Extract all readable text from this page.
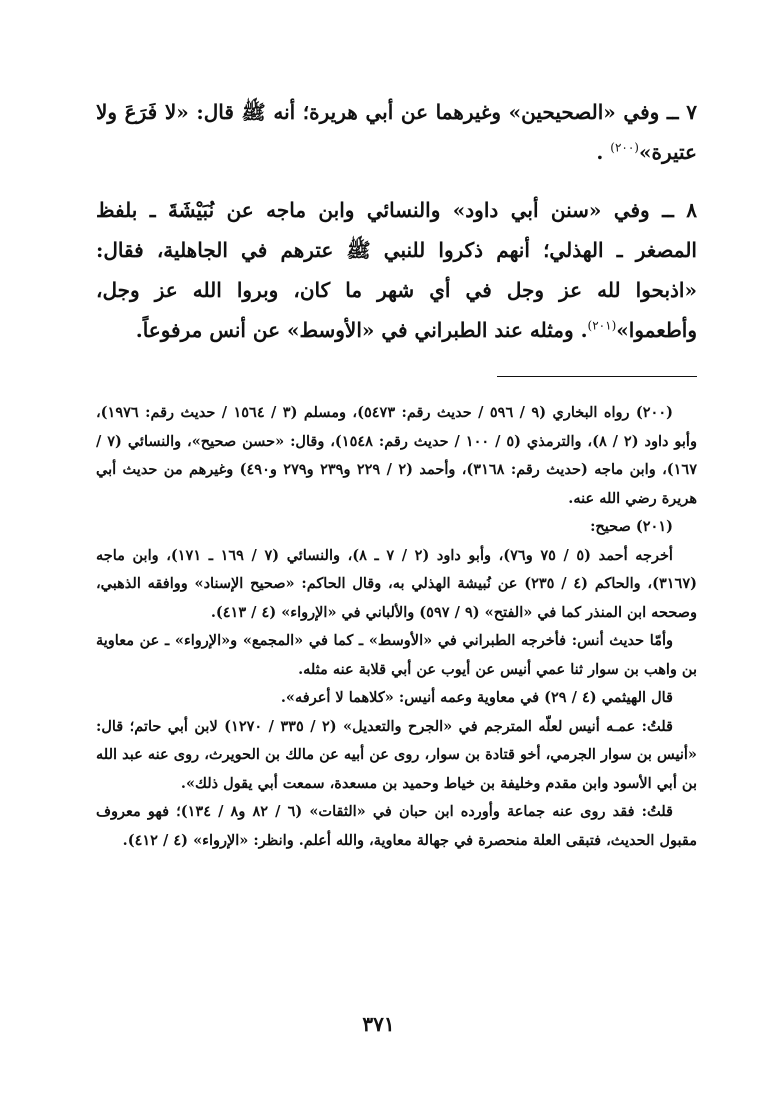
٧ ــ وفي «الصحيحين» وغيرهما عن أبي هريرة؛ أنه ﷺ قال: «لا فَرَعَ ولا عتيرة»$^{(٢٠٠)}$ .

٨ ــ وفي «سنن أبي داود» والنسائي وابن ماجه عن نُبَيْشَةَ ـ بلفظ المصغر ـ الهذلي؛ أنهم ذكروا للنبي ﷺ عترهم في الجاهلية، فقال: «اذبحوا لله عز وجل في أي شهر ما كان، وبروا الله عز وجل، وأطعموا»$^{(٢٠١)}$. ومثله عند الطبراني في «الأوسط» عن أنس مرفوعاً.

(٢٠٠) رواه البخاري (٩ / ٥٩٦ / حديث رقم: ٥٤٧٣)، ومسلم (٣ / ١٥٦٤ / حديث رقم: ١٩٧٦)، وأبو داود (٢ / ٨)، والترمذي (٥ / ١٠٠ / حديث رقم: ١٥٤٨)، وقال: «حسن صحيح»، والنسائي (٧ / ١٦٧)، وابن ماجه (حديث رقم: ٣١٦٨)، وأحمد (٢ / ٢٢٩ و٢٣٩ و٢٧٩ و٤٩٠) وغيرهم من حديث أبي هريرة رضي الله عنه.

(٢٠١) صحيح:

أخرجه أحمد (٥ / ٧٥ و٧٦)، وأبو داود (٢ / ٧ ـ ٨)، والنسائي (٧ / ١٦٩ ـ ١٧١)، وابن ماجه (٣١٦٧)، والحاكم (٤ / ٢٣٥) عن نُبيشة الهذلي به، وقال الحاكم: «صحيح الإسناد» ووافقه الذهبي، وصححه ابن المنذر كما في «الفتح» (٩ / ٥٩٧) والألباني في «الإرواء» (٤ / ٤١٣).

وأمّا حديث أنس: فأخرجه الطبراني في «الأوسط» ـ كما في «المجمع» و«الإرواء» ـ عن معاوية بن واهب بن سوار ثنا عمي أنيس عن أيوب عن أبي قلابة عنه مثله.

قال الهيثمي (٤ / ٢٩) في معاوية وعمه أنيس: «كلاهما لا أعرفه».

قلتُ: عمـه أنيس لعلّه المترجم في «الجرح والتعديل» (٢ / ٣٣٥ / ١٢٧٠) لابن أبي حاتم؛ قال: «أنيس بن سوار الجرمي، أخو قتادة بن سوار، روى عن أبيه عن مالك بن الحويرث، روى عنه عبد الله بن أبي الأسود وابن مقدم وخليفة بن خياط وحميد بن مسعدة، سمعت أبي يقول ذلك».

قلتُ: فقد روى عنه جماعة وأورده ابن حبان في «الثقات» (٦ / ٨٢ و٨ / ١٣٤)؛ فهو معروف مقبول الحديث، فتبقى العلة منحصرة في جهالة معاوية، والله أعلم. وانظر: «الإرواء» (٤ / ٤١٢).

٣٧١
